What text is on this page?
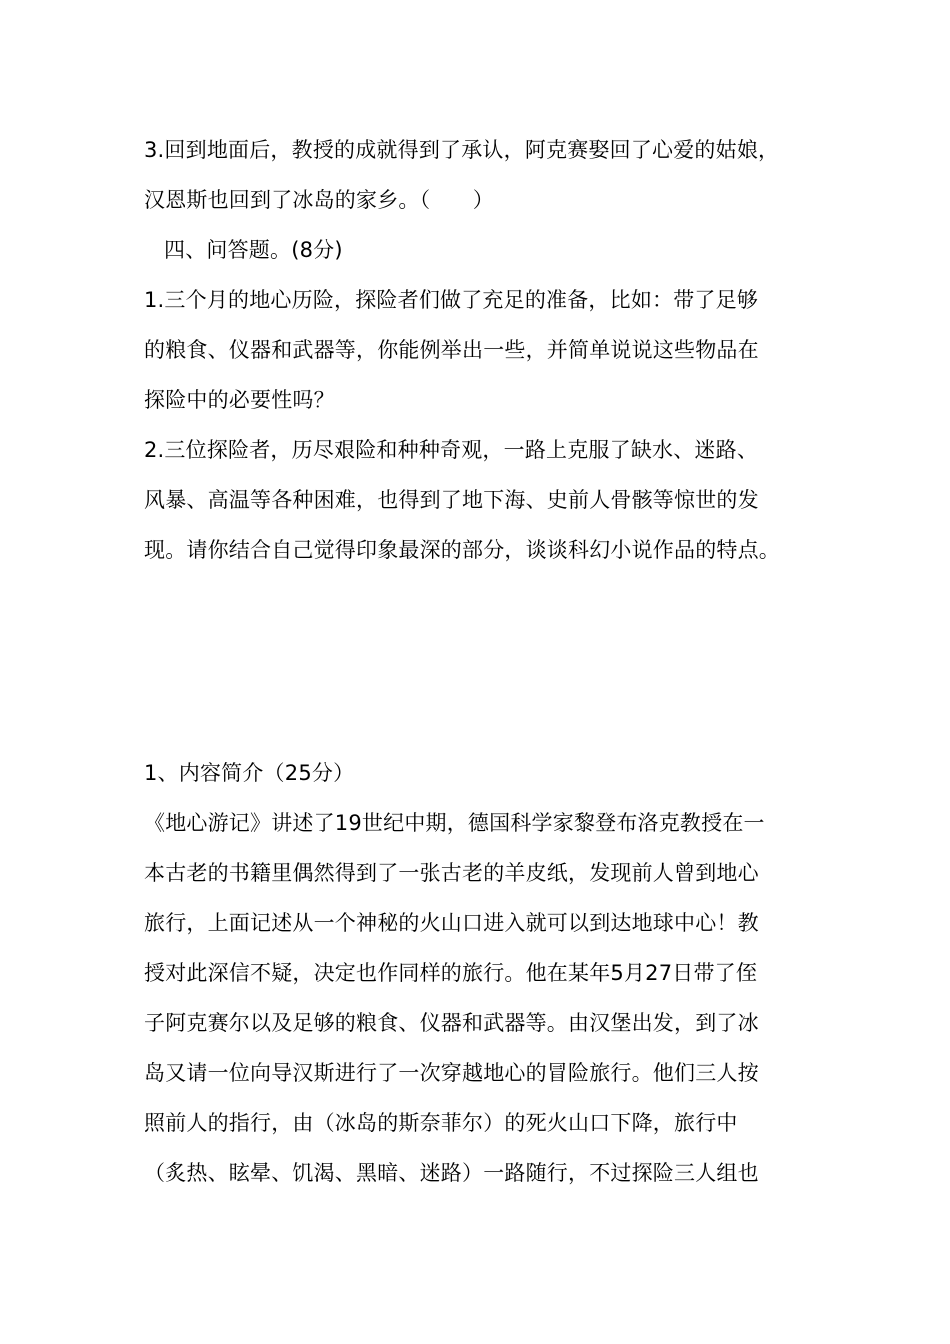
3.回到地面后，教授的成就得到了承认，阿克赛娶回了心爱的姑娘，
汉恩斯也回到了冰岛的家乡。（　　）
四、问答题。(8分)
1.三个月的地心历险，探险者们做了充足的准备，比如：带了足够
的粮食、仪器和武器等，你能例举出一些，并简单说说这些物品在
探险中的必要性吗？
2.三位探险者，历尽艰险和种种奇观，一路上克服了缺水、迷路、
风暴、高温等各种困难，也得到了地下海、史前人骨骸等惊世的发
现。请你结合自己觉得印象最深的部分，谈谈科幻小说作品的特点。
1、内容简介（25分）
《地心游记》讲述了19世纪中期，德国科学家黎登布洛克教授在一
本古老的书籍里偶然得到了一张古老的羊皮纸，发现前人曾到地心
旅行，上面记述从一个神秘的火山口进入就可以到达地球中心！教
授对此深信不疑，决定也作同样的旅行。他在某年5月27日带了侄
子阿克赛尔以及足够的粮食、仪器和武器等。由汉堡出发，到了冰
岛又请一位向导汉斯进行了一次穿越地心的冒险旅行。他们三人按
照前人的指行，由（冰岛的斯奈菲尔）的死火山口下降，旅行中
（炙热、眩晕、饥渴、黑暗、迷路）一路随行，不过探险三人组也
